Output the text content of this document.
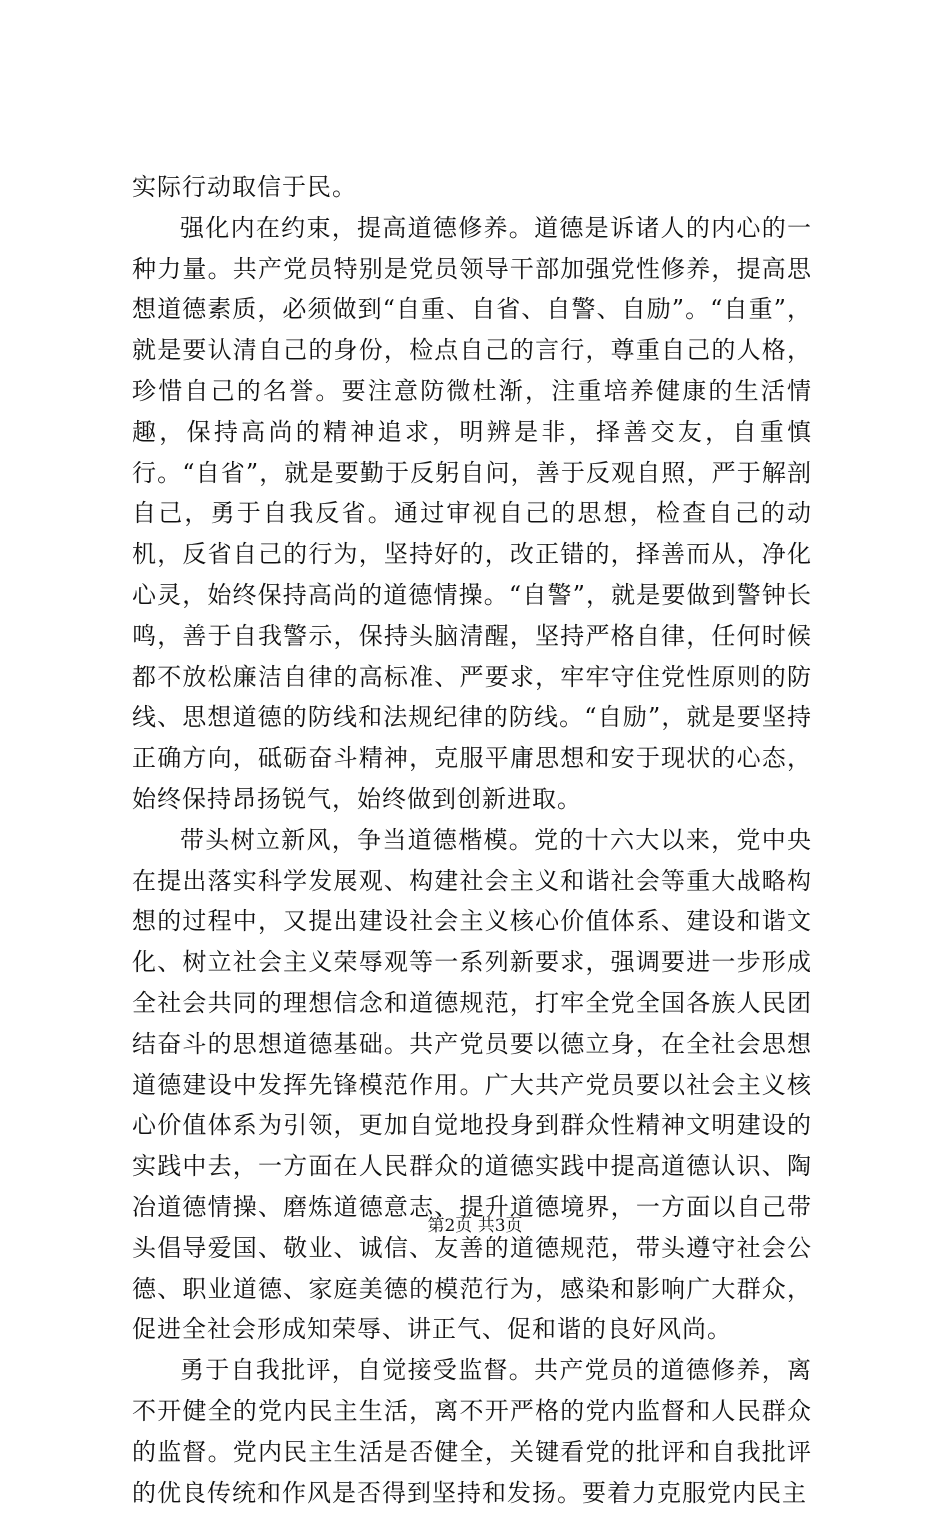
实际行动取信于民。

强化内在约束，提高道德修养。道德是诉诸人的内心的一种力量。共产党员特别是党员领导干部加强党性修养，提高思想道德素质，必须做到“自重、自省、自警、自励”。“自重”，就是要认清自己的身份，检点自己的言行，尊重自己的人格，珍惜自己的名誉。要注意防微杜渐，注重培养健康的生活情趣，保持高尚的精神追求，明辨是非，择善交友，自重慎行。“自省”，就是要勤于反躬自问，善于反观自照，严于解剖自己，勇于自我反省。通过审视自己的思想，检查自己的动机，反省自己的行为，坚持好的，改正错的，择善而从，净化心灵，始终保持高尚的道德情操。“自警”，就是要做到警钟长鸣，善于自我警示，保持头脑清醒，坚持严格自律，任何时候都不放松廉洁自律的高标准、严要求，牢牢守住党性原则的防线、思想道德的防线和法规纪律的防线。“自励”，就是要坚持正确方向，砥砺奋斗精神，克服平庸思想和安于现状的心态，始终保持昂扬锐气，始终做到创新进取。

带头树立新风，争当道德楷模。党的十六大以来，党中央在提出落实科学发展观、构建社会主义和谐社会等重大战略构想的过程中，又提出建设社会主义核心价值体系、建设和谐文化、树立社会主义荣辱观等一系列新要求，强调要进一步形成全社会共同的理想信念和道德规范，打牢全党全国各族人民团结奋斗的思想道德基础。共产党员要以德立身，在全社会思想道德建设中发挥先锋模范作用。广大共产党员要以社会主义核心价值体系为引领，更加自觉地投身到群众性精神文明建设的实践中去，一方面在人民群众的道德实践中提高道德认识、陶冶道德情操、磨炼道德意志、提升道德境界，一方面以自己带头倡导爱国、敬业、诚信、友善的道德规范，带头遵守社会公德、职业道德、家庭美德的模范行为，感染和影响广大群众，促进全社会形成知荣辱、讲正气、促和谐的良好风尚。

勇于自我批评，自觉接受监督。共产党员的道德修养，离不开健全的党内民主生活，离不开严格的党内监督和人民群众的监督。党内民主生活是否健全，关键看党的批评和自我批评的优良传统和作风是否得到坚持和发扬。要着力克服党内民主

第2页 共3页
